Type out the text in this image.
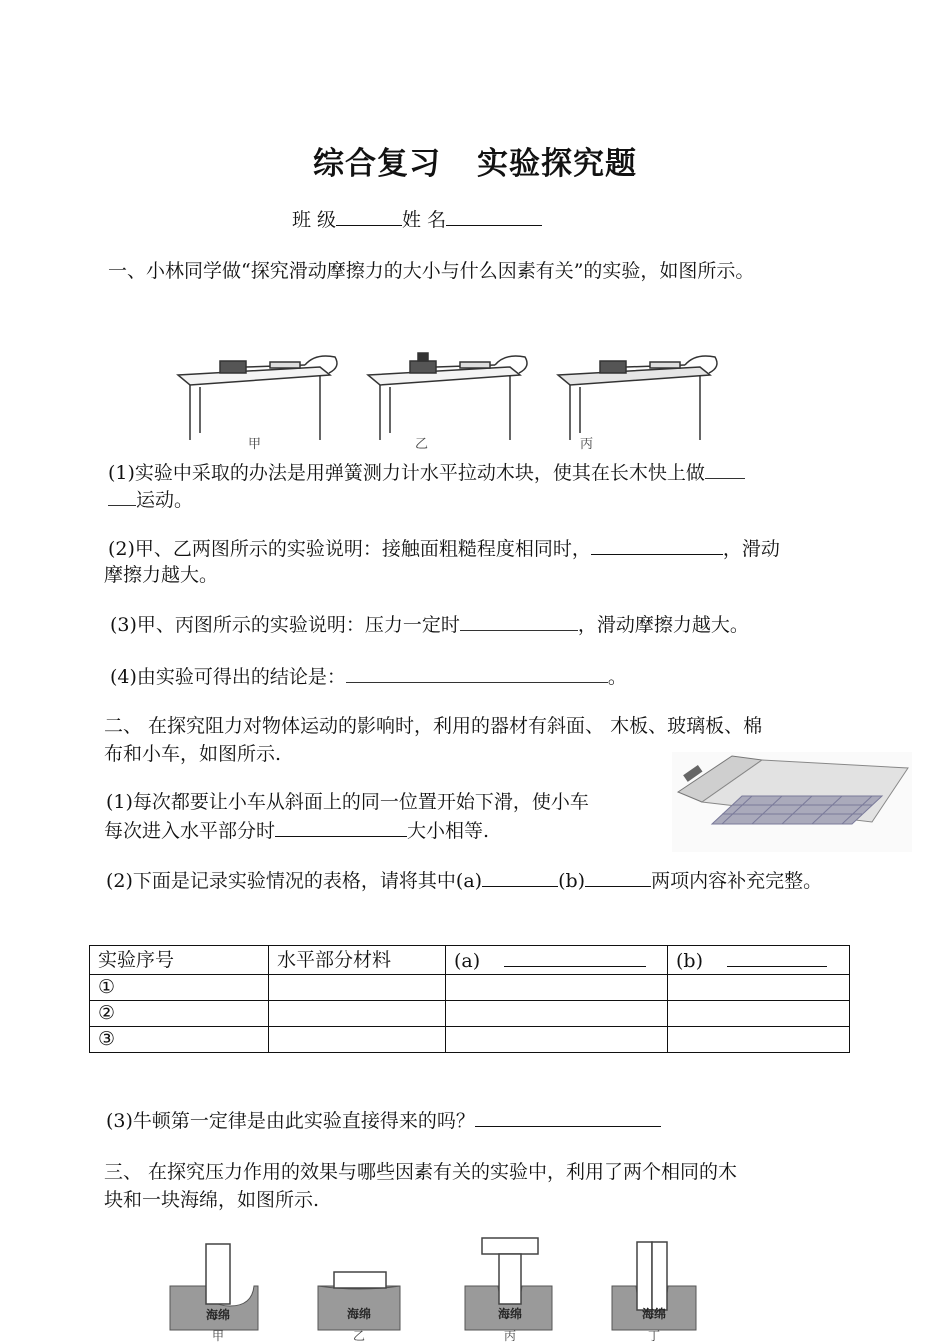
综合复习 实验探究题
班 级	姓 名
一、小林同学做“探究滑动摩擦力的大小与什么因素有关”的实验，如图所示。
甲	乙	丙
(1)实验中采取的办法是用弹簧测力计水平拉动木块，使其在长木快上做
运动。
(2)甲、乙两图所示的实验说明：接触面粗糙程度相同时，	，滑动
摩擦力越大。
(3)甲、丙图所示的实验说明：压力一定时	，滑动摩擦力越大。
(4)由实验可得出的结论是：	。
二、 在探究阻力对物体运动的影响时，利用的器材有斜面、 木板、玻璃板、棉
布和小车，如图所示.
(1)每次都要让小车从斜面上的同一位置开始下滑，使小车
每次进入水平部分时	大小相等.
(2)下面是记录实验情况的表格，请将其中(a)	(b)	两项内容补充完整。
实验序号	水平部分材料	(a)	(b)
①			
②			
③			
(3)牛顿第一定律是由此实验直接得来的吗？
三、 在探究压力作用的效果与哪些因素有关的实验中，利用了两个相同的木
块和一块海绵，如图所示.
海绵	海绵	海绵	海绵
甲	乙	丙	丁
